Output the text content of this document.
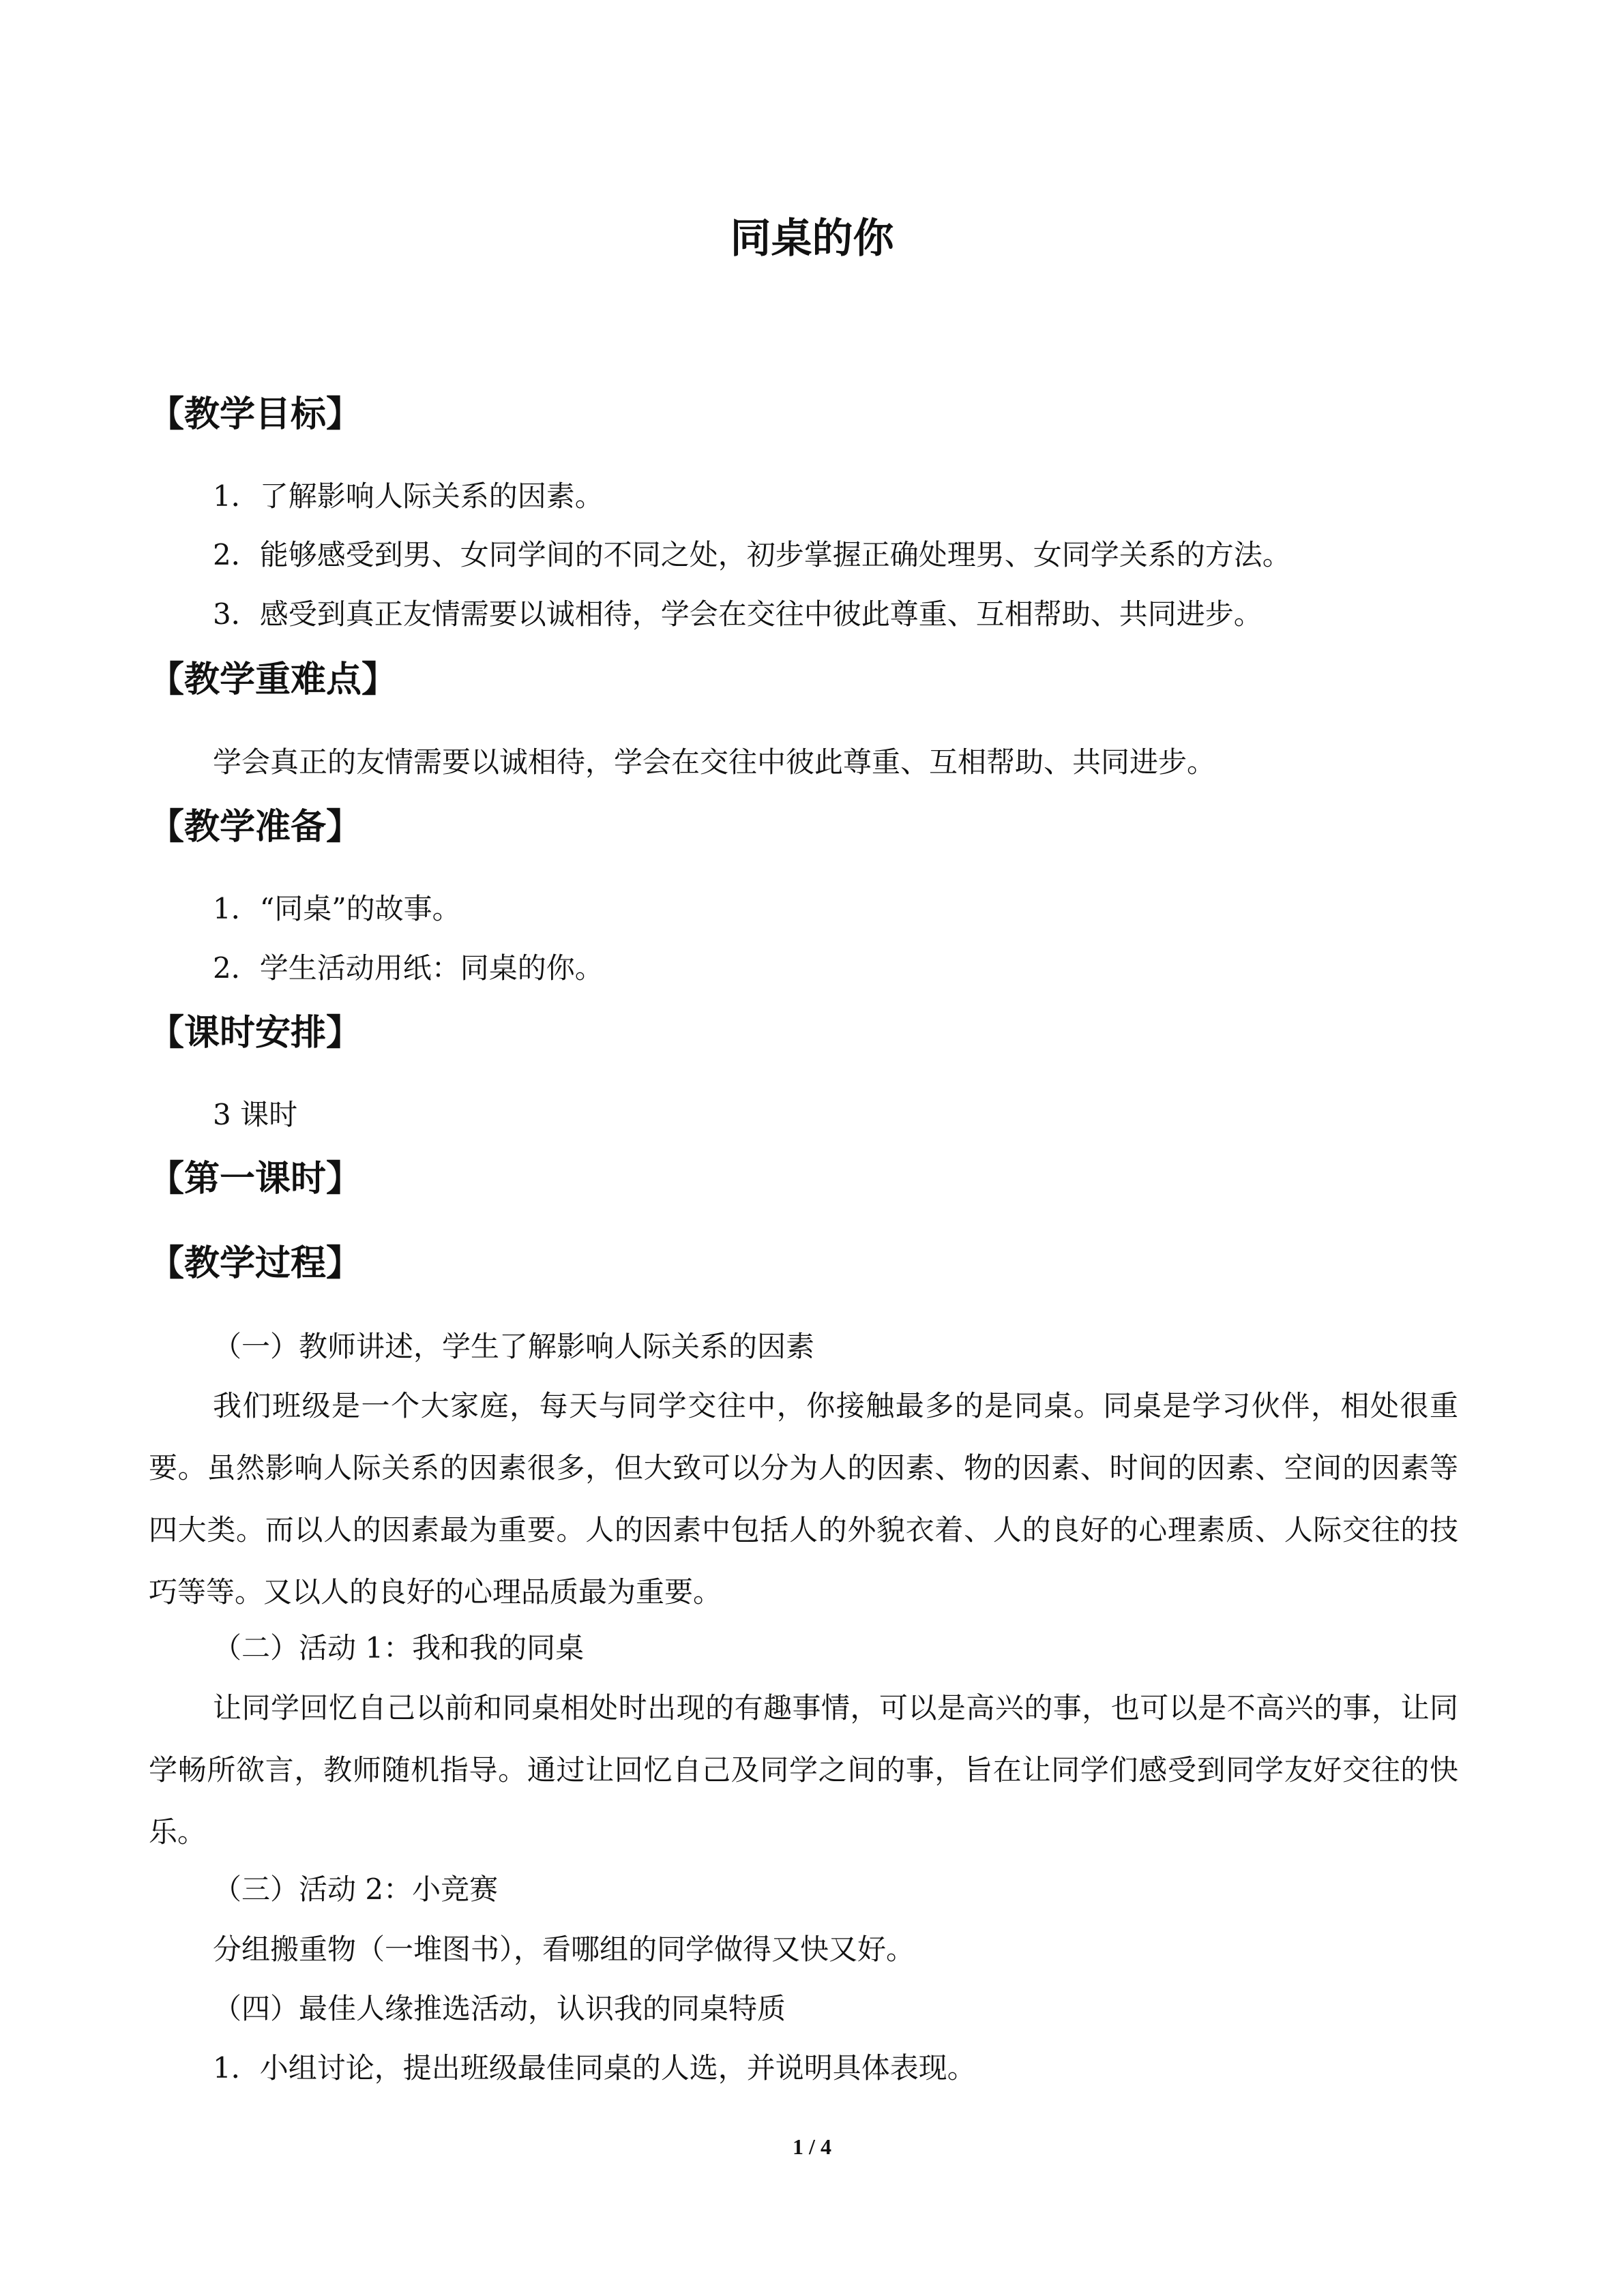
同桌的你
【教学目标】
1．了解影响人际关系的因素。
2．能够感受到男、女同学间的不同之处，初步掌握正确处理男、女同学关系的方法。
3．感受到真正友情需要以诚相待，学会在交往中彼此尊重、互相帮助、共同进步。
【教学重难点】
学会真正的友情需要以诚相待，学会在交往中彼此尊重、互相帮助、共同进步。
【教学准备】
1．“同桌”的故事。
2．学生活动用纸：同桌的你。
【课时安排】
3 课时
【第一课时】
【教学过程】
（一）教师讲述，学生了解影响人际关系的因素
我们班级是一个大家庭，每天与同学交往中，你接触最多的是同桌。同桌是学习伙伴，相处很重要。虽然影响人际关系的因素很多，但大致可以分为人的因素、物的因素、时间的因素、空间的因素等四大类。而以人的因素最为重要。人的因素中包括人的外貌衣着、人的良好的心理素质、人际交往的技巧等等。又以人的良好的心理品质最为重要。
（二）活动 1：我和我的同桌
让同学回忆自己以前和同桌相处时出现的有趣事情，可以是高兴的事，也可以是不高兴的事，让同学畅所欲言，教师随机指导。通过让回忆自己及同学之间的事，旨在让同学们感受到同学友好交往的快乐。
（三）活动 2：小竞赛
分组搬重物（一堆图书），看哪组的同学做得又快又好。
（四）最佳人缘推选活动，认识我的同桌特质
1．小组讨论，提出班级最佳同桌的人选，并说明具体表现。
1 / 4
